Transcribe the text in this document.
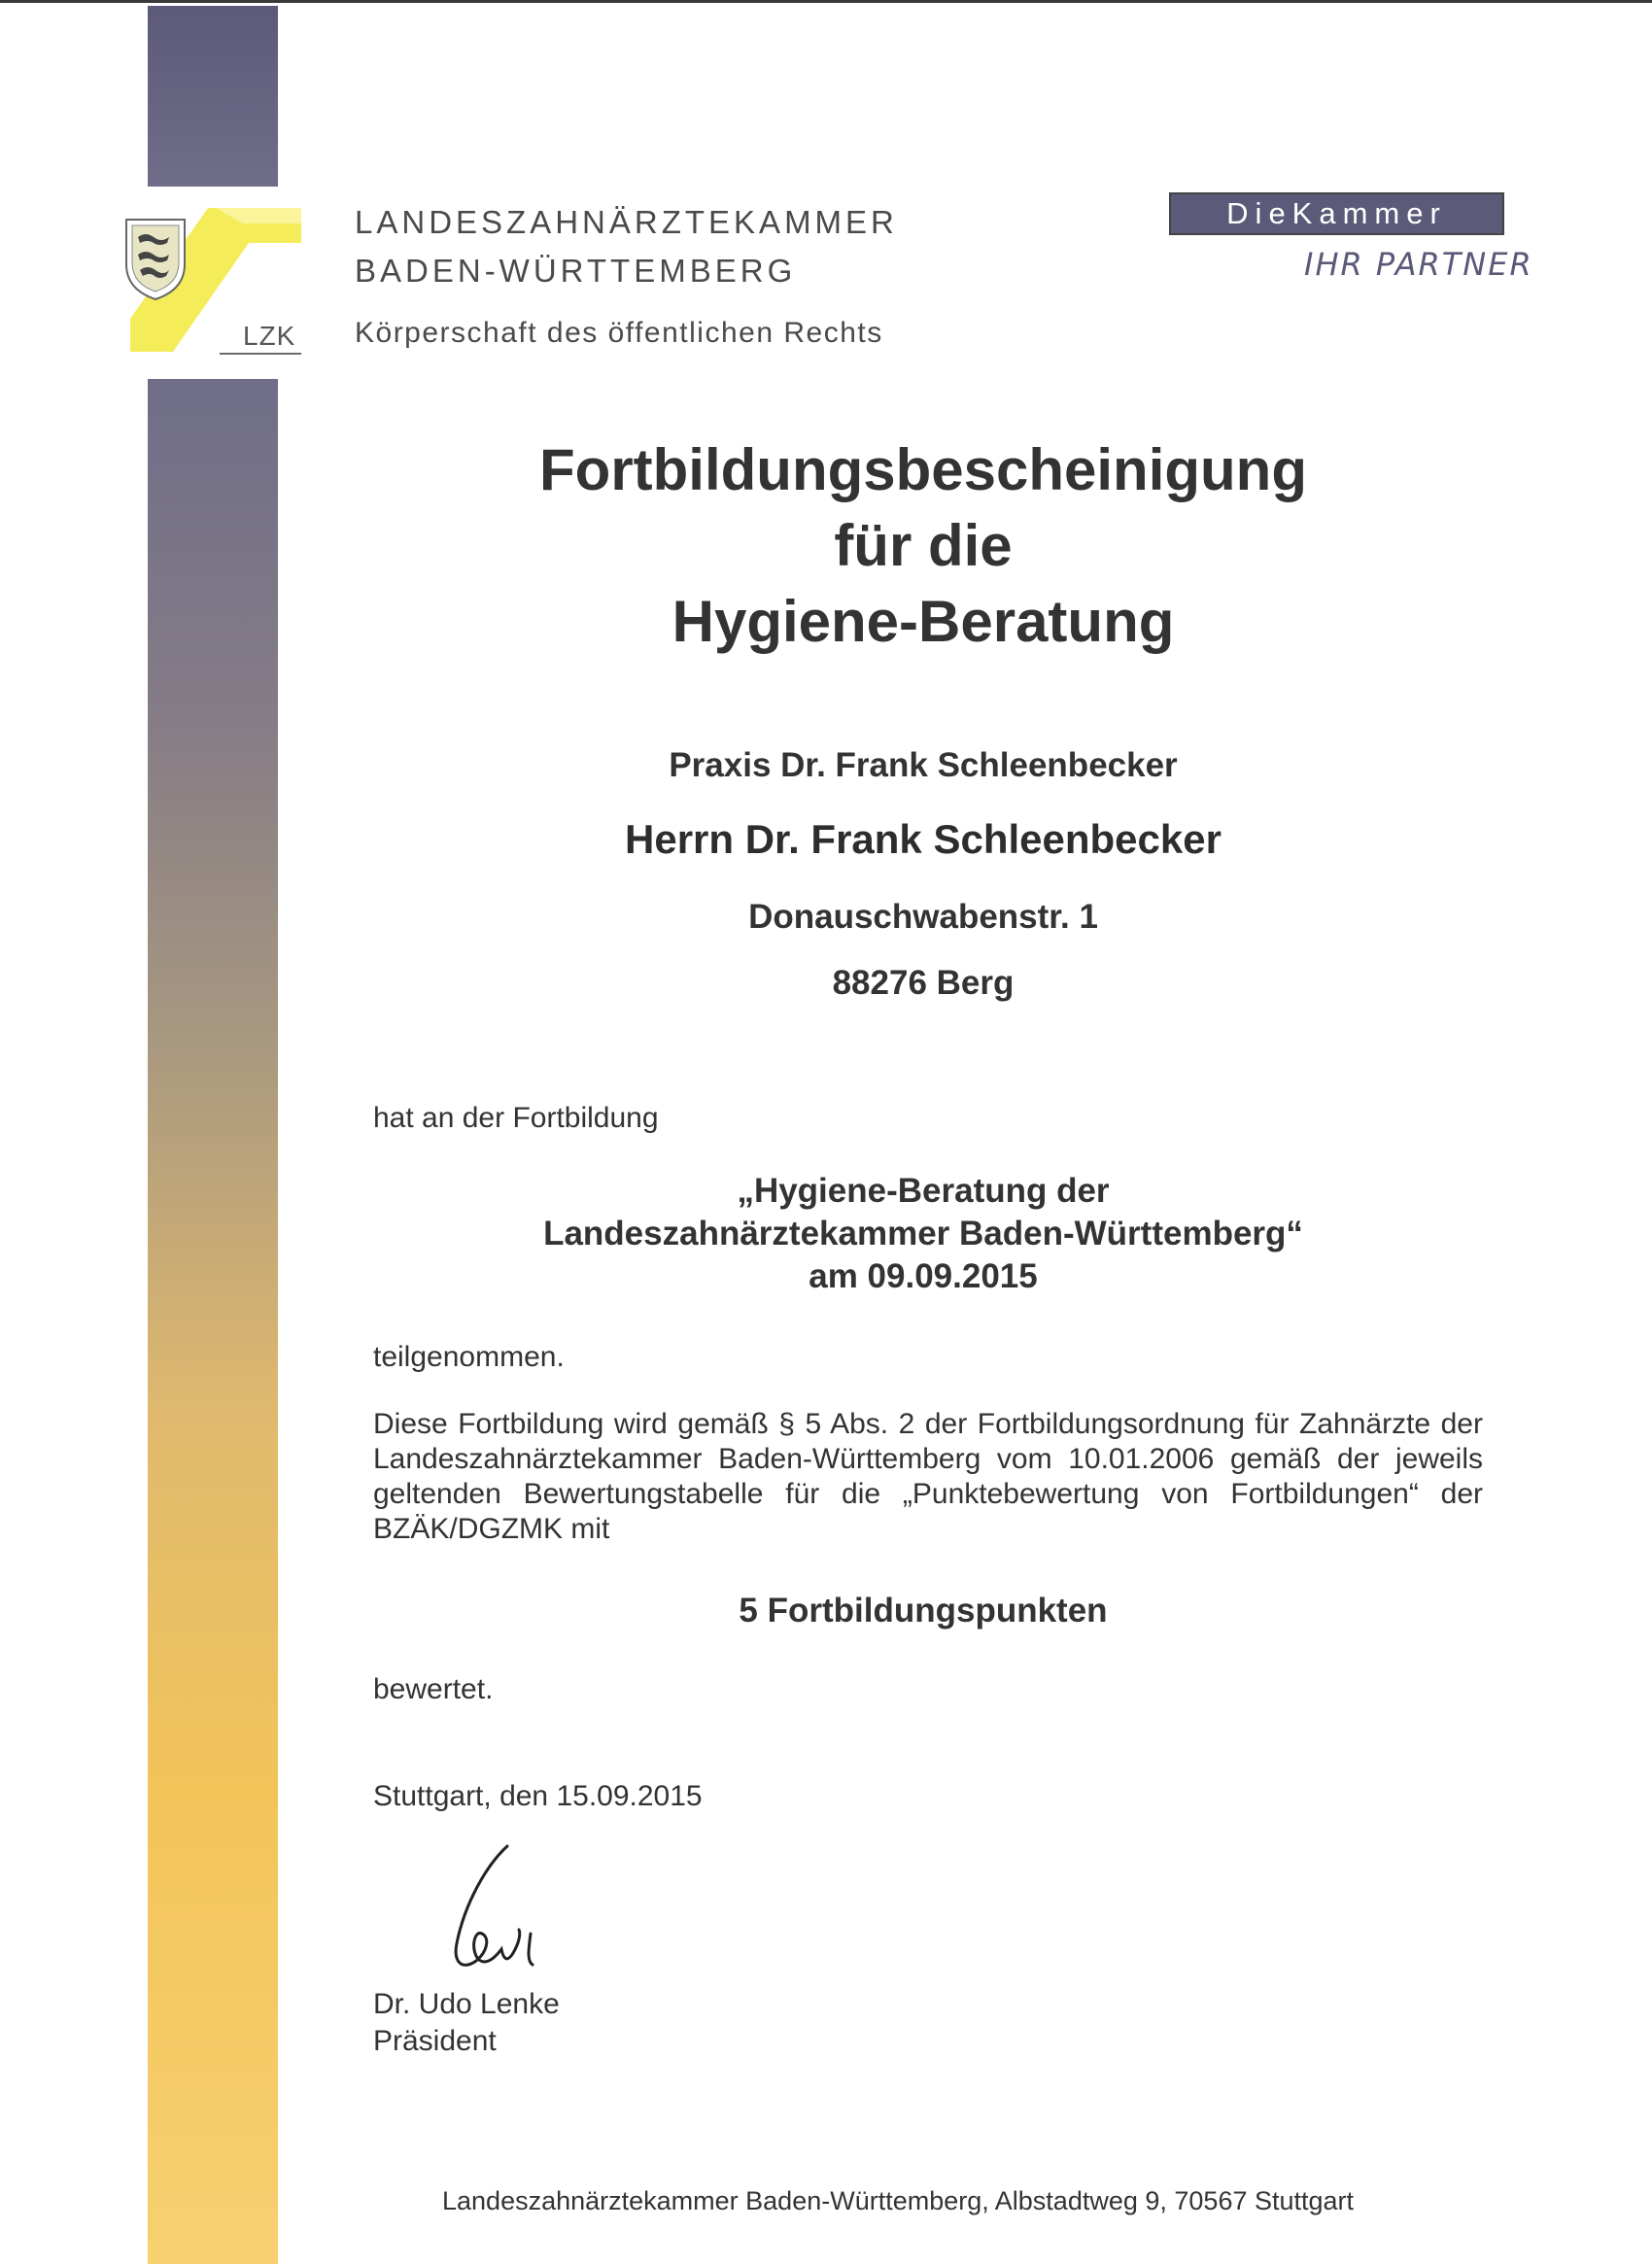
LZK
LANDESZAHNÄRZTEKAMMER
BADEN-WÜRTTEMBERG
Körperschaft des öffentlichen Rechts
DieKammer
IHR PARTNER
Fortbildungsbescheinigung
für die
Hygiene-Beratung
Praxis Dr. Frank Schleenbecker
Herrn Dr. Frank Schleenbecker
Donauschwabenstr. 1
88276 Berg
hat an der Fortbildung
„Hygiene-Beratung der
Landeszahnärztekammer Baden-Württemberg“
am 09.09.2015
teilgenommen.
Diese Fortbildung wird gemäß § 5 Abs. 2 der Fortbildungsordnung für Zahnärzte der Landeszahnärztekammer Baden-Württemberg vom 10.01.2006 gemäß der jeweils geltenden Bewertungstabelle für die „Punktebewertung von Fortbildungen“ der BZÄK/DGZMK mit
5 Fortbildungspunkten
bewertet.
Stuttgart, den 15.09.2015
Dr. Udo Lenke
Präsident
Landeszahnärztekammer Baden-Württemberg, Albstadtweg 9, 70567 Stuttgart
